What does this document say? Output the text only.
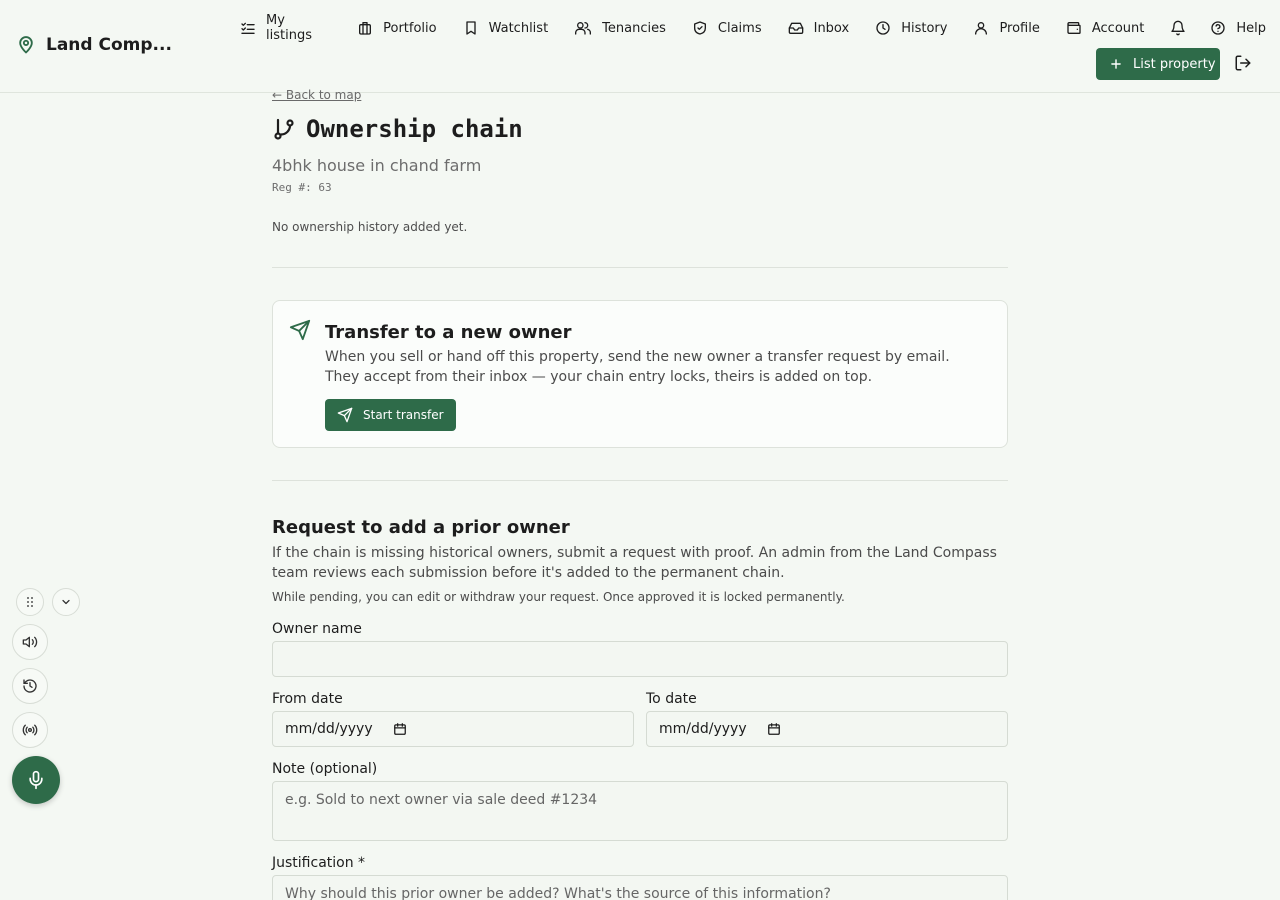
Land Comp...
My listings	Portfolio	Watchlist	Tenancies	Claims	Inbox	History	Profile	Account	Help
List property
← Back to map
Ownership chain
4bhk house in chand farm
Reg #: 63
No ownership history added yet.
Transfer to a new owner
When you sell or hand off this property, send the new owner a transfer request by email. They accept from their inbox — your chain entry locks, theirs is added on top.
Start transfer
Request to add a prior owner
If the chain is missing historical owners, submit a request with proof. An admin from the Land Compass team reviews each submission before it's added to the permanent chain.
While pending, you can edit or withdraw your request. Once approved it is locked permanently.
Owner name
From date
mm/dd/yyyy
To date
mm/dd/yyyy
Note (optional)
e.g. Sold to next owner via sale deed #1234
Justification *
Why should this prior owner be added? What's the source of this information?
